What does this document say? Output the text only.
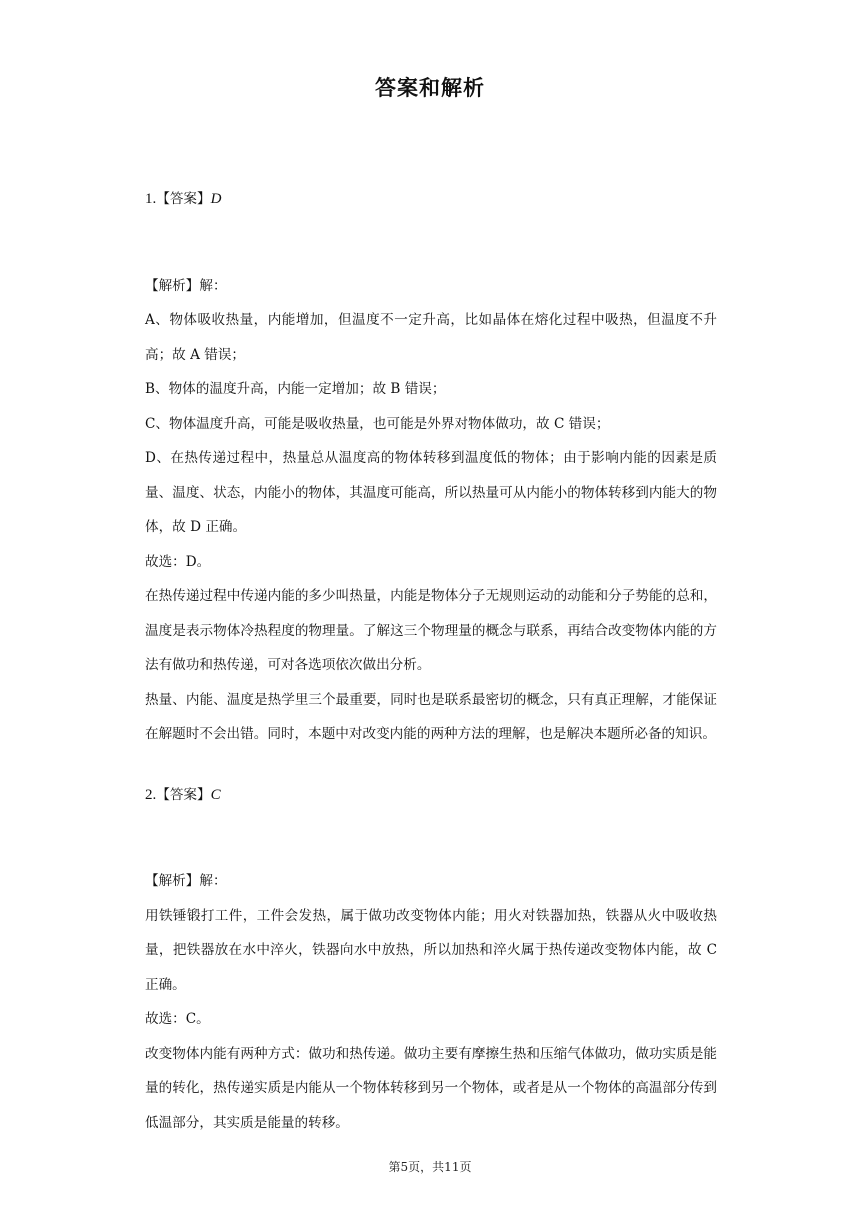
答案和解析

1.【答案】D

【解析】解：

A、物体吸收热量，内能增加，但温度不一定升高，比如晶体在熔化过程中吸热，但温度不升高；故 A 错误；

B、物体的温度升高，内能一定增加；故 B 错误；

C、物体温度升高，可能是吸收热量，也可能是外界对物体做功，故 C 错误；

D、在热传递过程中，热量总从温度高的物体转移到温度低的物体；由于影响内能的因素是质量、温度、状态，内能小的物体，其温度可能高，所以热量可从内能小的物体转移到内能大的物体，故 D 正确。

故选：D。

在热传递过程中传递内能的多少叫热量，内能是物体分子无规则运动的动能和分子势能的总和，温度是表示物体冷热程度的物理量。了解这三个物理量的概念与联系，再结合改变物体内能的方法有做功和热传递，可对各选项依次做出分析。

热量、内能、温度是热学里三个最重要，同时也是联系最密切的概念，只有真正理解，才能保证在解题时不会出错。同时，本题中对改变内能的两种方法的理解，也是解决本题所必备的知识。

2.【答案】C

【解析】解：

用铁锤锻打工件，工件会发热，属于做功改变物体内能；用火对铁器加热，铁器从火中吸收热量，把铁器放在水中淬火，铁器向水中放热，所以加热和淬火属于热传递改变物体内能，故 C 正确。

故选：C。

改变物体内能有两种方式：做功和热传递。做功主要有摩擦生热和压缩气体做功，做功实质是能量的转化，热传递实质是内能从一个物体转移到另一个物体，或者是从一个物体的高温部分传到低温部分，其实质是能量的转移。

第5页，共11页
